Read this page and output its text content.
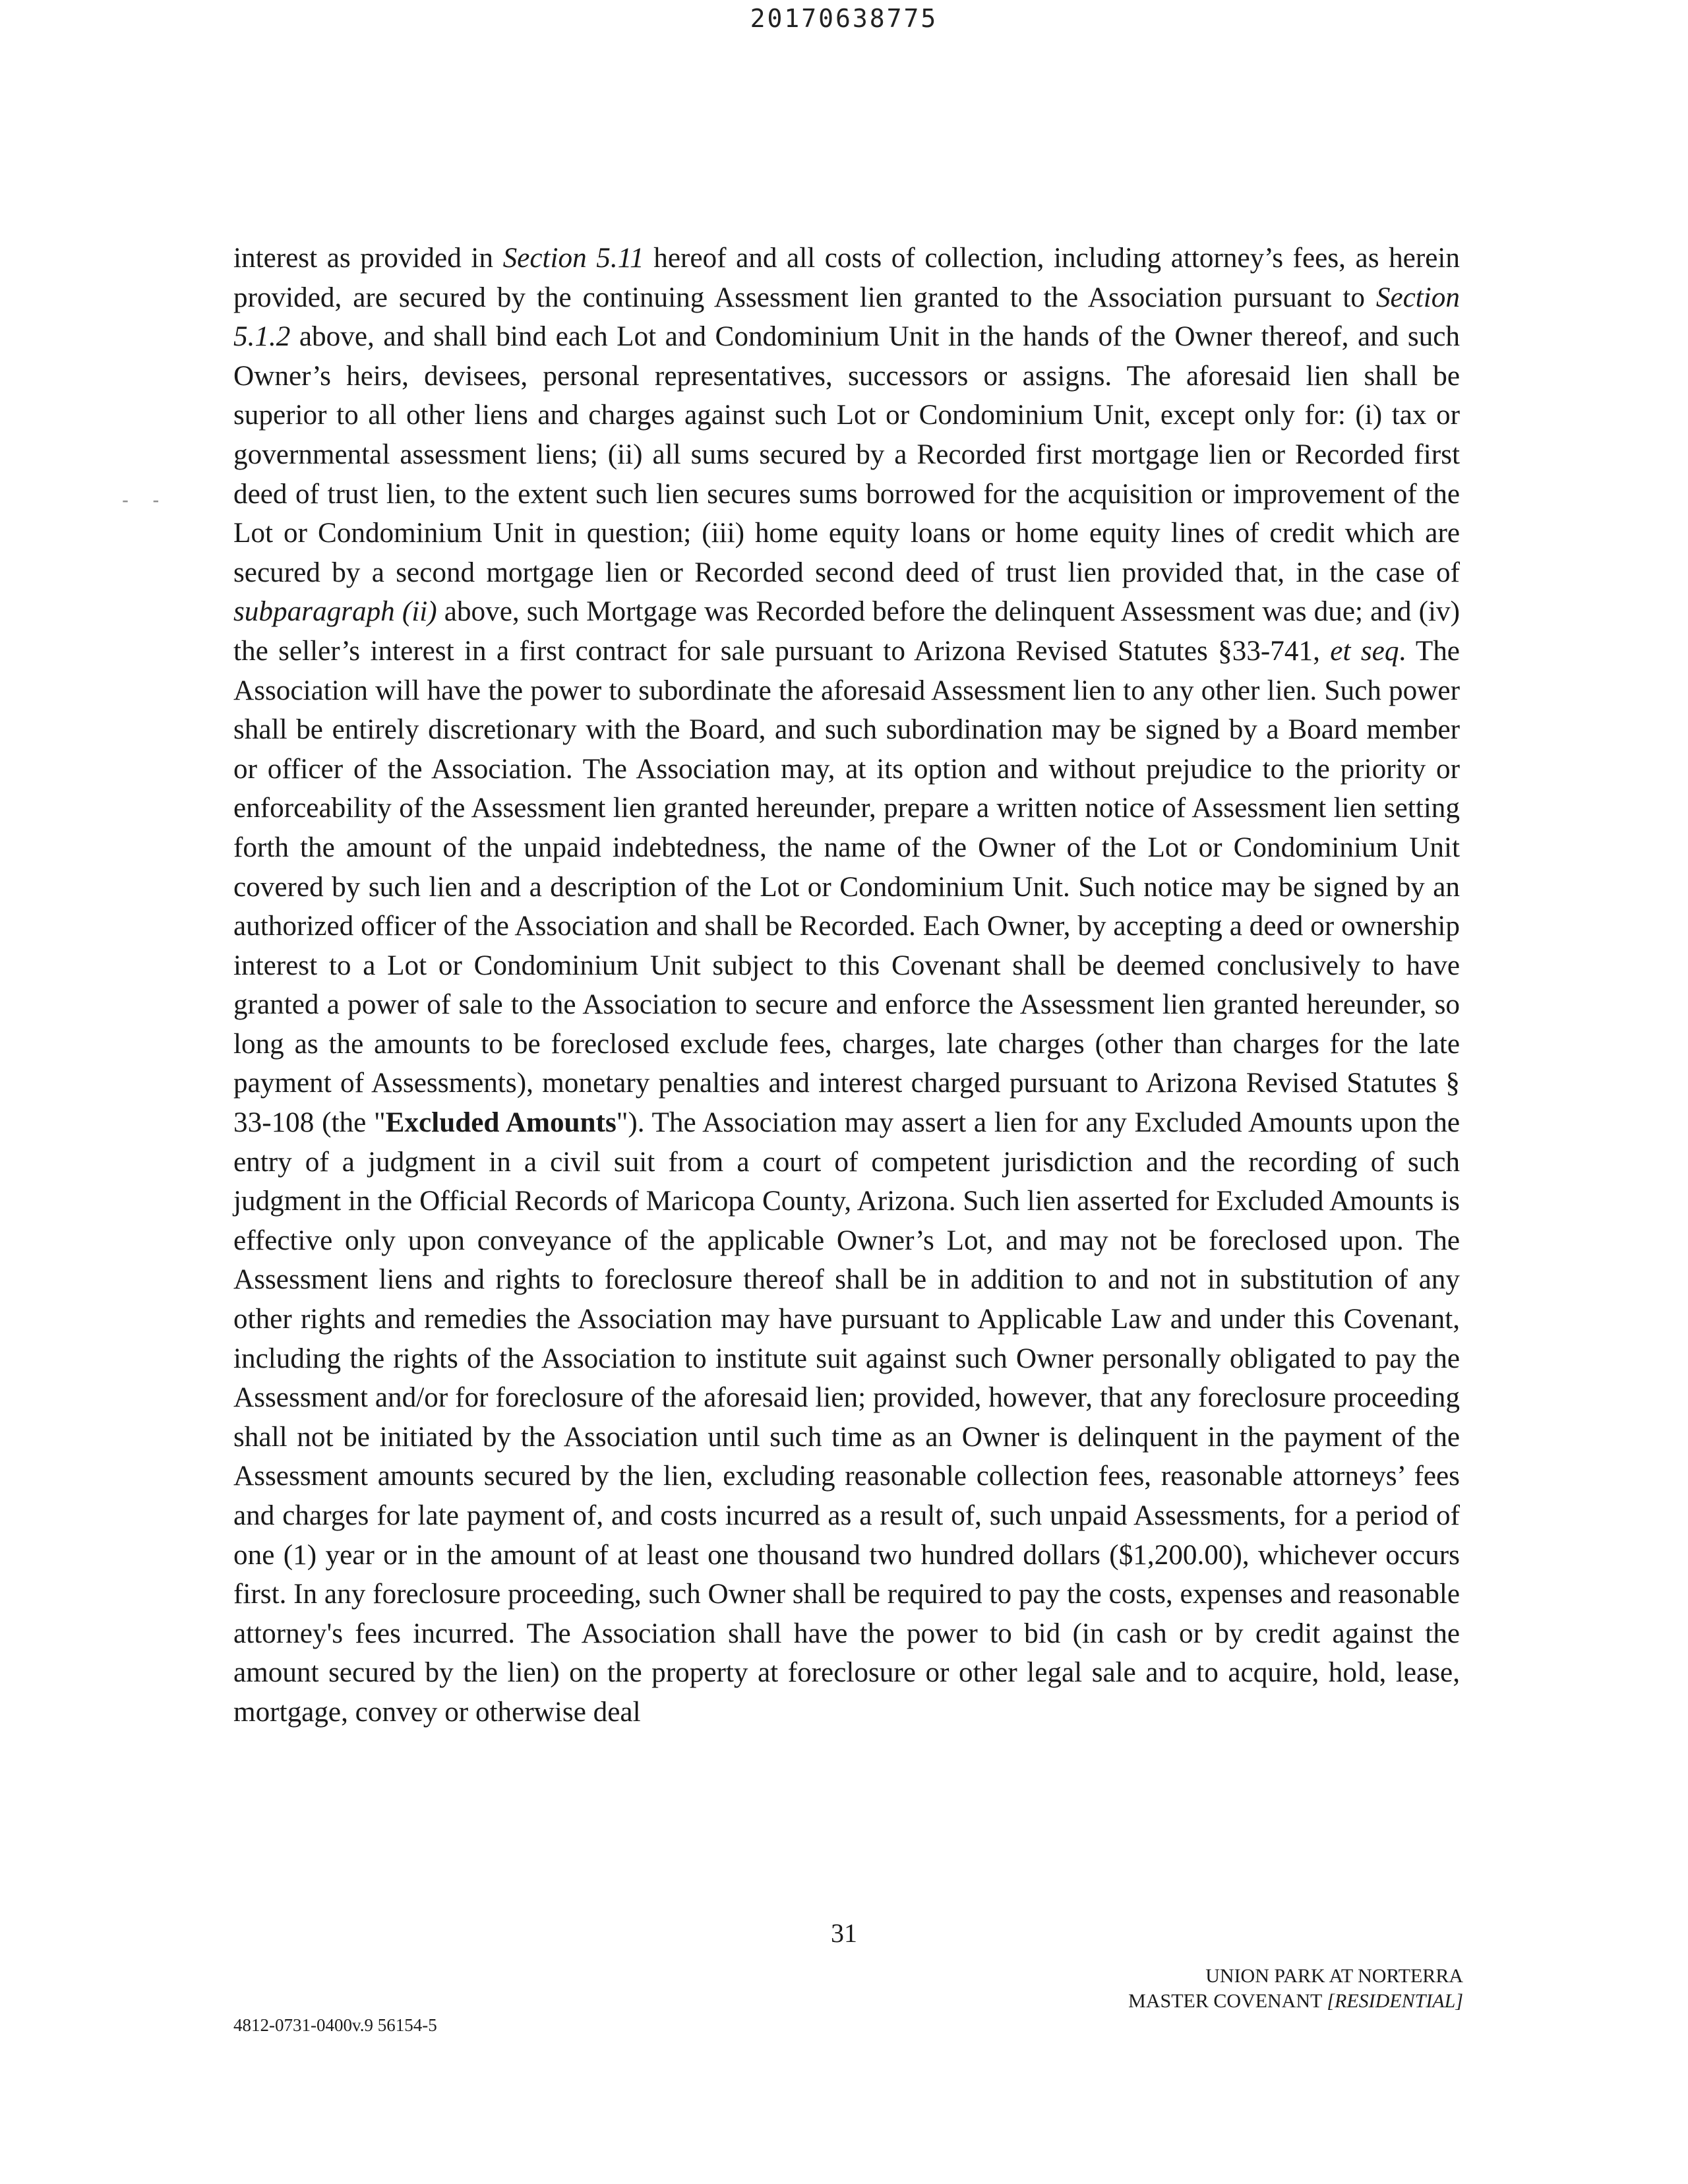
20170638775
- -

interest as provided in Section 5.11 hereof and all costs of collection, including attorney’s fees, as herein provided, are secured by the continuing Assessment lien granted to the Association pursuant to Section 5.1.2 above, and shall bind each Lot and Condominium Unit in the hands of the Owner thereof, and such Owner’s heirs, devisees, personal representatives, successors or assigns. The aforesaid lien shall be superior to all other liens and charges against such Lot or Condominium Unit, except only for: (i) tax or governmental assessment liens; (ii) all sums secured by a Recorded first mortgage lien or Recorded first deed of trust lien, to the extent such lien secures sums borrowed for the acquisition or improvement of the Lot or Condominium Unit in question; (iii) home equity loans or home equity lines of credit which are secured by a second mortgage lien or Recorded second deed of trust lien provided that, in the case of subparagraph (ii) above, such Mortgage was Recorded before the delinquent Assessment was due; and (iv) the seller’s interest in a first contract for sale pursuant to Arizona Revised Statutes §33-741, et seq. The Association will have the power to subordinate the aforesaid Assessment lien to any other lien. Such power shall be entirely discretionary with the Board, and such subordination may be signed by a Board member or officer of the Association. The Association may, at its option and without prejudice to the priority or enforceability of the Assessment lien granted hereunder, prepare a written notice of Assessment lien setting forth the amount of the unpaid indebtedness, the name of the Owner of the Lot or Condominium Unit covered by such lien and a description of the Lot or Condominium Unit. Such notice may be signed by an authorized officer of the Association and shall be Recorded. Each Owner, by accepting a deed or ownership interest to a Lot or Condominium Unit subject to this Covenant shall be deemed conclusively to have granted a power of sale to the Association to secure and enforce the Assessment lien granted hereunder, so long as the amounts to be foreclosed exclude fees, charges, late charges (other than charges for the late payment of Assessments), monetary penalties and interest charged pursuant to Arizona Revised Statutes § 33-108 (the "Excluded Amounts"). The Association may assert a lien for any Excluded Amounts upon the entry of a judgment in a civil suit from a court of competent jurisdiction and the recording of such judgment in the Official Records of Maricopa County, Arizona. Such lien asserted for Excluded Amounts is effective only upon conveyance of the applicable Owner’s Lot, and may not be foreclosed upon. The Assessment liens and rights to foreclosure thereof shall be in addition to and not in substitution of any other rights and remedies the Association may have pursuant to Applicable Law and under this Covenant, including the rights of the Association to institute suit against such Owner personally obligated to pay the Assessment and/or for foreclosure of the aforesaid lien; provided, however, that any foreclosure proceeding shall not be initiated by the Association until such time as an Owner is delinquent in the payment of the Assessment amounts secured by the lien, excluding reasonable collection fees, reasonable attorneys’ fees and charges for late payment of, and costs incurred as a result of, such unpaid Assessments, for a period of one (1) year or in the amount of at least one thousand two hundred dollars ($1,200.00), whichever occurs first. In any foreclosure proceeding, such Owner shall be required to pay the costs, expenses and reasonable attorney's fees incurred. The Association shall have the power to bid (in cash or by credit against the amount secured by the lien) on the property at foreclosure or other legal sale and to acquire, hold, lease, mortgage, convey or otherwise deal

31
UNION PARK AT NORTERRA
MASTER COVENANT [RESIDENTIAL]
4812-0731-0400v.9 56154-5
